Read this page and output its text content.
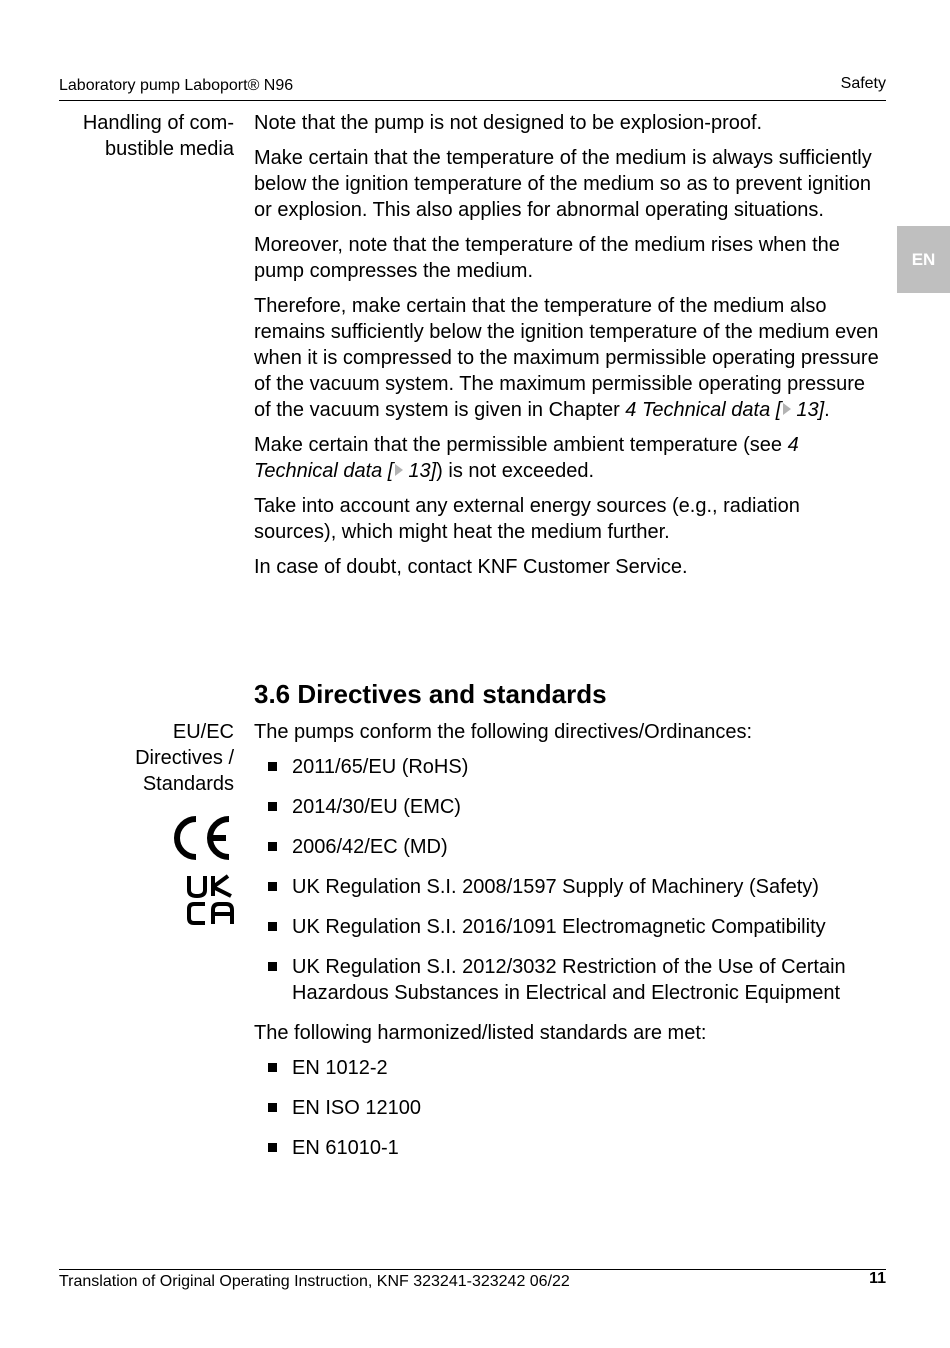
Laboratory pump Laboport® N96	Safety
EN
Handling of com-
bustible media

Note that the pump is not designed to be explosion-proof.

Make certain that the temperature of the medium is always sufficiently below the ignition temperature of the medium so as to prevent ignition or explosion. This also applies for abnormal operating situations.

Moreover, note that the temperature of the medium rises when the pump compresses the medium.

Therefore, make certain that the temperature of the medium also remains sufficiently below the ignition temperature of the medium even when it is compressed to the maximum permissible operating pressure of the vacuum system. The maximum permissible operating pressure of the vacuum system is given in Chapter 4 Technical data [ 13].

Make certain that the permissible ambient temperature (see 4 Technical data [ 13]) is not exceeded.

Take into account any external energy sources (e.g., radiation sources), which might heat the medium further.

In case of doubt, contact KNF Customer Service.

3.6 Directives and standards
EU/EC
Directives /
Standards

The pumps conform the following directives/Ordinances:

2011/65/EU (RoHS)
2014/30/EU (EMC)
2006/42/EC (MD)
UK Regulation S.I. 2008/1597 Supply of Machinery (Safety)
UK Regulation S.I. 2016/1091 Electromagnetic Compatibility
UK Regulation S.I. 2012/3032 Restriction of the Use of Certain Hazardous Substances in Electrical and Electronic Equipment

The following harmonized/listed standards are met:

EN 1012-2
EN ISO 12100
EN 61010-1
Translation of Original Operating Instruction, KNF 323241-323242 06/22	11
